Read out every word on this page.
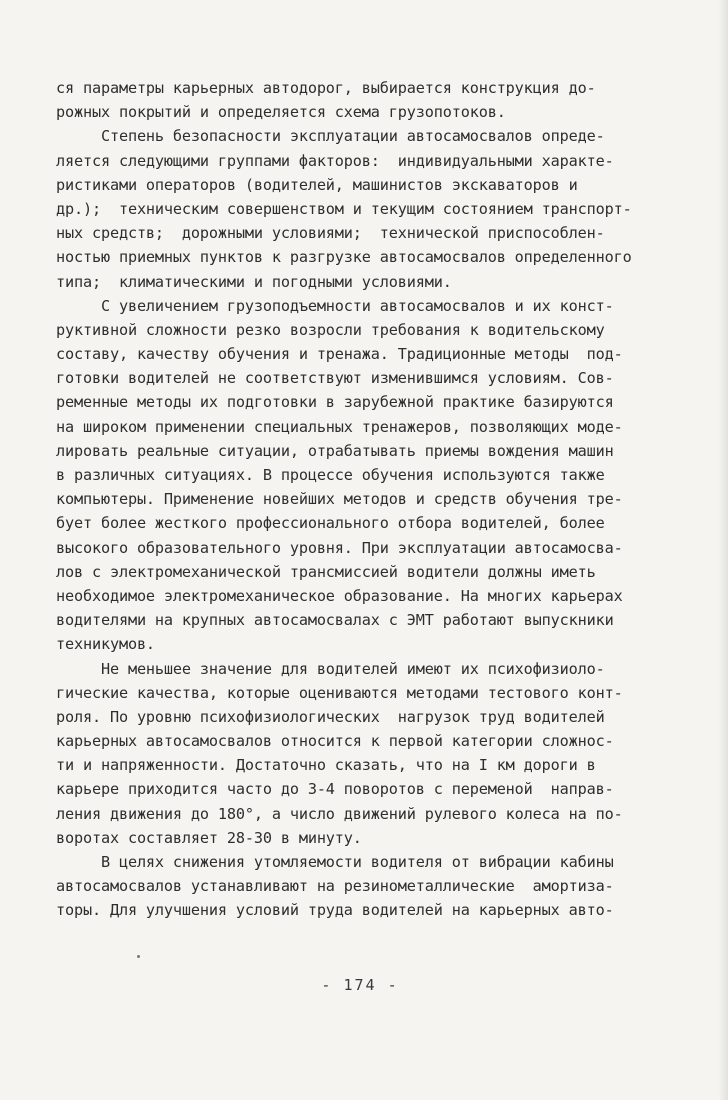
ся параметры карьерных автодорог, выбирается конструкция до-
рожных покрытий и определяется схема грузопотоков.
Степень безопасности эксплуатации автосамосвалов опреде-
ляется следующими группами факторов:  индивидуальными характе-
ристиками операторов (водителей, машинистов экскаваторов и
др.);  техническим совершенством и текущим состоянием транспорт-
ных средств;  дорожными условиями;  технической приспособлен-
ностью приемных пунктов к разгрузке автосамосвалов определенного
типа;  климатическими и погодными условиями.
С увеличением грузоподъемности автосамосвалов и их конст-
руктивной сложности резко возросли требования к водительскому
составу, качеству обучения и тренажа. Традиционные методы  под-
готовки водителей не соответствуют изменившимся условиям. Сов-
ременные методы их подготовки в зарубежной практике базируются
на широком применении специальных тренажеров, позволяющих моде-
лировать реальные ситуации, отрабатывать приемы вождения машин
в различных ситуациях. В процессе обучения используются также
компьютеры. Применение новейших методов и средств обучения тре-
бует более жесткого профессионального отбора водителей, более
высокого образовательного уровня. При эксплуатации автосамосва-
лов с электромеханической трансмиссией водители должны иметь
необходимое электромеханическое образование. На многих карьерах
водителями на крупных автосамосвалах с ЭМТ работают выпускники
техникумов.
Не меньшее значение для водителей имеют их психофизиоло-
гические качества, которые оцениваются методами тестового конт-
роля. По уровню психофизиологических  нагрузок труд водителей
карьерных автосамосвалов относится к первой категории сложнос-
ти и напряженности. Достаточно сказать, что на I км дороги в
карьере приходится часто до 3-4 поворотов с переменой  направ-
ления движения до 180°, а число движений рулевого колеса на по-
воротах составляет 28-30 в минуту.
В целях снижения утомляемости водителя от вибрации кабины
автосамосвалов устанавливают на резинометаллические  амортиза-
торы. Для улучшения условий труда водителей на карьерных авто-
- 174 -
